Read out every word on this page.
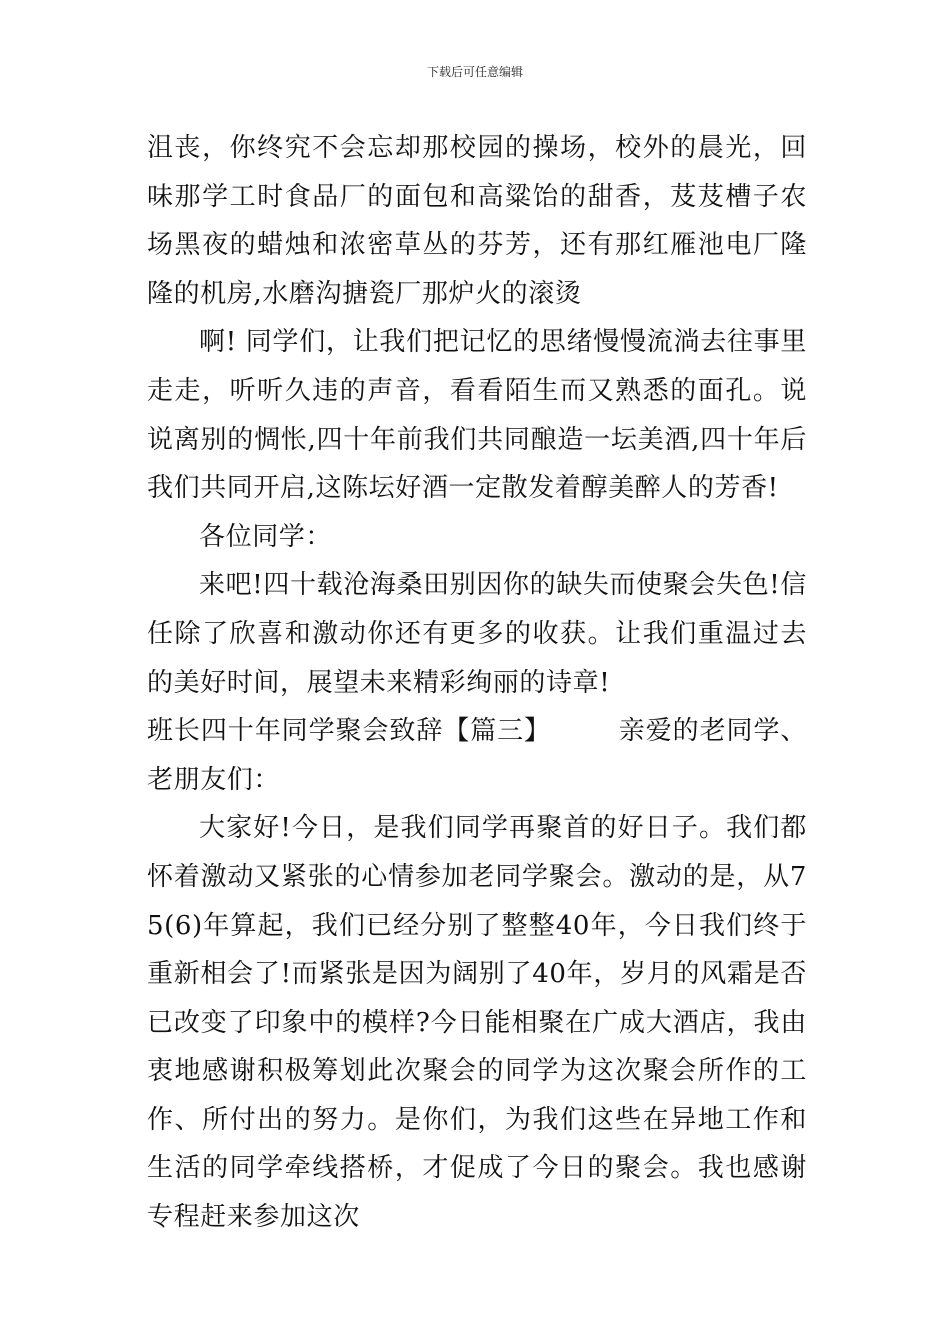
下载后可任意编辑

沮丧，你终究不会忘却那校园的操场，校外的晨光，回味那学工时食品厂的面包和高粱饴的甜香，芨芨槽子农场黑夜的蜡烛和浓密草丛的芬芳，还有那红雁池电厂隆隆的机房,水磨沟搪瓷厂那炉火的滚烫

啊! 同学们，让我们把记忆的思绪慢慢流淌去往事里走走，听听久违的声音，看看陌生而又熟悉的面孔。说说离别的惆怅,四十年前我们共同酿造一坛美酒,四十年后我们共同开启,这陈坛好酒一定散发着醇美醉人的芳香!

各位同学：

来吧!四十载沧海桑田别因你的缺失而使聚会失色!信任除了欣喜和激动你还有更多的收获。让我们重温过去的美好时间，展望未来精彩绚丽的诗章!

班长四十年同学聚会致辞【篇三】　　　亲爱的老同学、老朋友们：

大家好!今日，是我们同学再聚首的好日子。我们都怀着激动又紧张的心情参加老同学聚会。激动的是，从75(6)年算起，我们已经分别了整整40年，今日我们终于重新相会了!而紧张是因为阔别了40年，岁月的风霜是否已改变了印象中的模样?今日能相聚在广成大酒店，我由衷地感谢积极筹划此次聚会的同学为这次聚会所作的工作、所付出的努力。是你们，为我们这些在异地工作和生活的同学牵线搭桥，才促成了今日的聚会。我也感谢专程赶来参加这次
